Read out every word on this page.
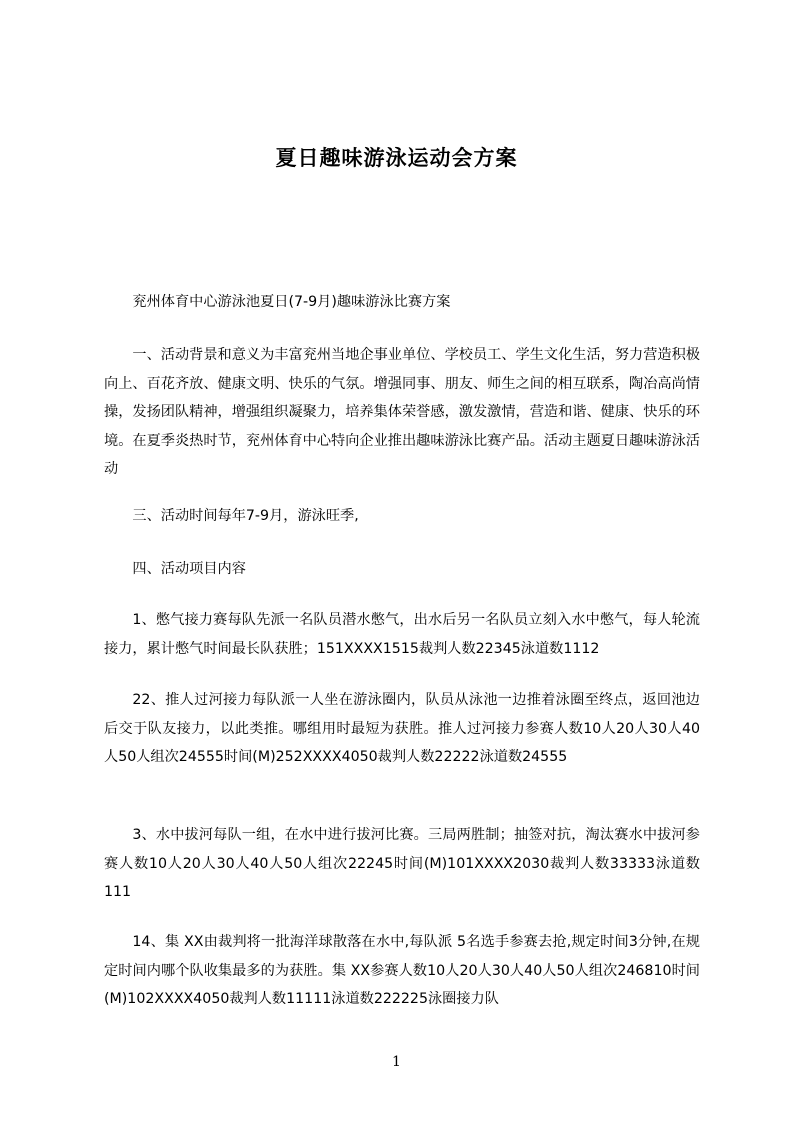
夏日趣味游泳运动会方案

兖州体育中心游泳池夏日(7-9月)趣味游泳比赛方案

一、活动背景和意义为丰富兖州当地企事业单位、学校员工、学生文化生活，努力营造积极向上、百花齐放、健康文明、快乐的气氛。增强同事、朋友、师生之间的相互联系，陶冶高尚情操，发扬团队精神，增强组织凝聚力，培养集体荣誉感，激发激情，营造和谐、健康、快乐的环境。在夏季炎热时节，兖州体育中心特向企业推出趣味游泳比赛产品。活动主题夏日趣味游泳活动

三、活动时间每年7-9月，游泳旺季,

四、活动项目内容

1、憋气接力赛每队先派一名队员潜水憋气，出水后另一名队员立刻入水中憋气，每人轮流接力，累计憋气时间最长队获胜；151XXXX1515裁判人数22345泳道数1112

22、推人过河接力每队派一人坐在游泳圈内，队员从泳池一边推着泳圈至终点，返回池边后交于队友接力，以此类推。哪组用时最短为获胜。推人过河接力参赛人数10人20人30人40人50人组次24555时间(M)252XXXX4050裁判人数22222泳道数24555

3、水中拔河每队一组，在水中进行拔河比赛。三局两胜制；抽签对抗，淘汰赛水中拔河参赛人数10人20人30人40人50人组次22245时间(M)101XXXX2030裁判人数33333泳道数111

14、集 XX由裁判将一批海洋球散落在水中,每队派 5名选手参赛去抢,规定时间3分钟,在规定时间内哪个队收集最多的为获胜。集 XX参赛人数10人20人30人40人50人组次246810时间(M)102XXXX4050裁判人数11111泳道数222225泳圈接力队

1
